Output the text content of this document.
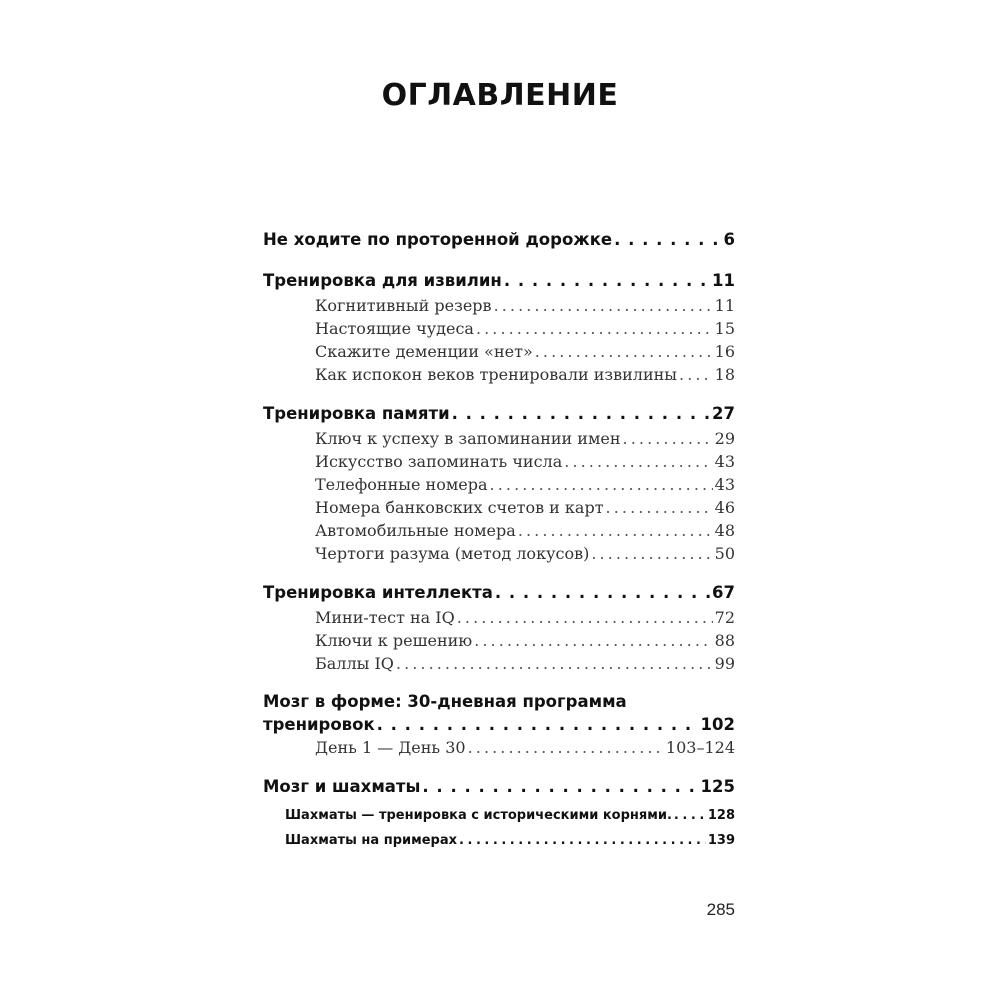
ОГЛАВЛЕНИЕ
Не ходите по проторенной дорожке . . .	6
Тренировка для извилин . . .	11
Когнитивный резерв . . .	11
Настоящие чудеса . . .	15
Скажите деменции «нет» . . .	16
Как испокон веков тренировали извилины . . . 18
Тренировка памяти . . .	27
Ключ к успеху в запоминании имен . . .	29
Искусство запоминать числа . . .	43
Телефонные номера . . .	43
Номера банковских счетов и карт . . .	46
Автомобильные номера . . .	48
Чертоги разума (метод локусов) . . .	50
Тренировка интеллекта . . .	67
Мини-тест на IQ . . .	72
Ключи к решению . . .	88
Баллы IQ . . .	99
Мозг в форме: 30-дневная программа
тренировок . . .	102
День 1 — День 30 . . .	103–124
Мозг и шахматы . . .	125
Шахматы — тренировка с историческими корнями. . . .	128
Шахматы на примерах . . .	139
285
